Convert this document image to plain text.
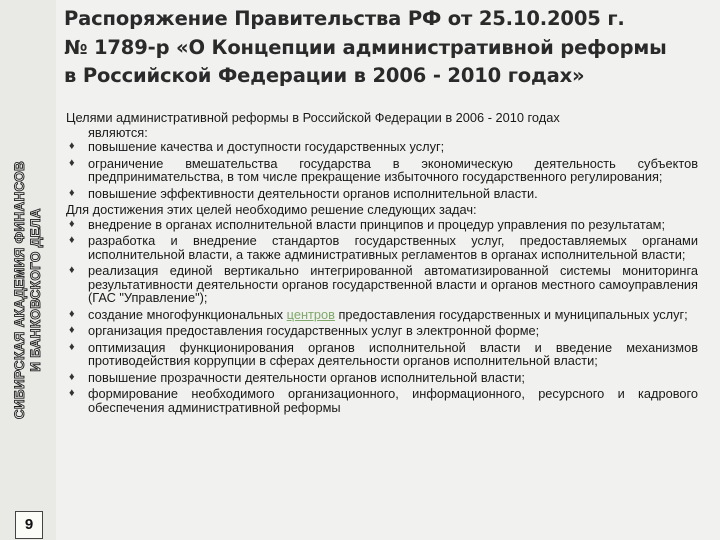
СИБИРСКАЯ АКАДЕМИЯ ФИНАНСОВ И БАНКОВСКОГО ДЕЛА
9
Распоряжение Правительства РФ от 25.10.2005 г.
№ 1789-р «О Концепции административной реформы
в Российской Федерации в 2006 - 2010 годах»
Целями административной реформы в Российской Федерации в 2006 - 2010 годах
являются:
♦ повышение качества и доступности государственных услуг;
♦ ограничение вмешательства государства в экономическую деятельность субъектов предпринимательства, в том числе прекращение избыточного государственного регулирования;
♦ повышение эффективности деятельности органов исполнительной власти.
Для достижения этих целей необходимо решение следующих задач:
♦ внедрение в органах исполнительной власти принципов и процедур управления по результатам;
♦ разработка и внедрение стандартов государственных услуг, предоставляемых органами исполнительной власти, а также административных регламентов в органах исполнительной власти;
♦ реализация единой вертикально интегрированной автоматизированной системы мониторинга результативности деятельности органов государственной власти и органов местного самоуправления (ГАС "Управление");
♦ создание многофункциональных центров предоставления государственных и муниципальных услуг;
♦ организация предоставления государственных услуг в электронной форме;
♦ оптимизация функционирования органов исполнительной власти и введение механизмов противодействия коррупции в сферах деятельности органов исполнительной власти;
♦ повышение прозрачности деятельности органов исполнительной власти;
♦ формирование необходимого организационного, информационного, ресурсного и кадрового обеспечения административной реформы
